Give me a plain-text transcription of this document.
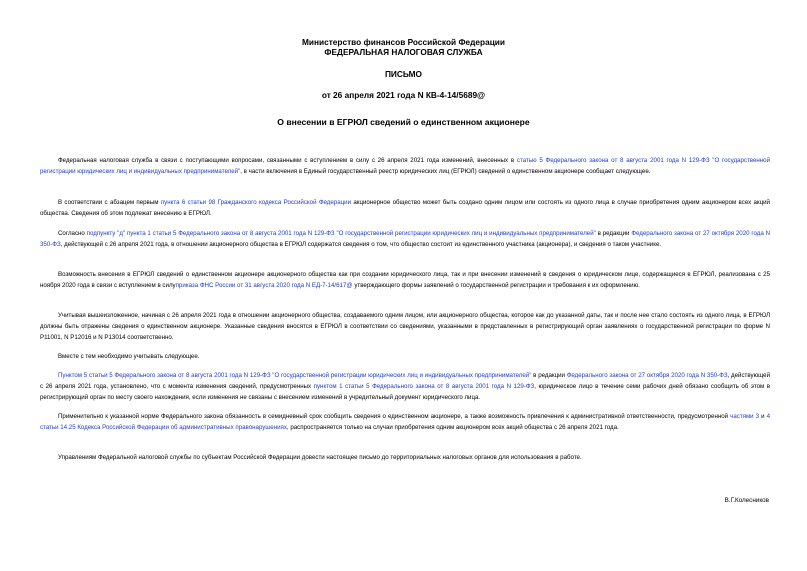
Министерство финансов Российской Федерации
ФЕДЕРАЛЬНАЯ НАЛОГОВАЯ СЛУЖБА
ПИСЬМО
от 26 апреля 2021 года N КВ-4-14/5689@
О внесении в ЕГРЮЛ сведений о единственном акционере

Федеральная налоговая служба в связи с поступающими вопросами, связанными с вступлением в силу с 26 апреля 2021 года изменений, внесенных в статью 5 Федерального закона от 8 августа 2001 года N 129-ФЗ "О государственной регистрации юридических лиц и индивидуальных предпринимателей", в части включения в Единый государственный реестр юридических лиц (ЕГРЮЛ) сведений о единственном акционере сообщает следующее.

В соответствии с абзацем первым пункта 6 статьи 98 Гражданского кодекса Российской Федерации акционерное общество может быть создано одним лицом или состоять из одного лица в случае приобретения одним акционером всех акций общества. Сведения об этом подлежат внесению в ЕГРЮЛ.

Согласно подпункту "д" пункта 1 статьи 5 Федерального закона от 8 августа 2001 года N 129-ФЗ "О государственной регистрации юридических лиц и индивидуальных предпринимателей" в редакции Федерального закона от 27 октября 2020 года N 350-ФЗ, действующей с 26 апреля 2021 года, в отношении акционерного общества в ЕГРЮЛ содержатся сведения о том, что общество состоит из единственного участника (акционера), и сведения о таком участнике.

Возможность внесения в ЕГРЮЛ сведений о единственном акционере акционерного общества как при создании юридического лица, так и при внесении изменений в сведения о юридическом лице, содержащиеся в ЕГРЮЛ, реализована с 25 ноября 2020 года в связи с вступлением в силуприказа ФНС России от 31 августа 2020 года N ЕД-7-14/617@ утверждающего формы заявлений о государственной регистрации и требования к их оформлению.

Учитывая вышеизложенное, начиная с 26 апреля 2021 года в отношении акционерного общества, создаваемого одним лицом, или акционерного общества, которое как до указанной даты, так и после нее стало состоять из одного лица, в ЕГРЮЛ должны быть отражены сведения о единственном акционере. Указанные сведения вносятся в ЕГРЮЛ в соответствии со сведениями, указанными в представленных в регистрирующий орган заявлениях о государственной регистрации по форме N Р11001, N Р12016 и N Р13014 соответственно.

Вместе с тем необходимо учитывать следующее.

Пунктом 5 статьи 5 Федерального закона от 8 августа 2001 года N 129-ФЗ "О государственной регистрации юридических лиц и индивидуальных предпринимателей" в редакции Федерального закона от 27 октября 2020 года N 350-ФЗ, действующей с 26 апреля 2021 года, установлено, что с момента изменения сведений, предусмотренных пунктом 1 статьи 5 Федерального закона от 8 августа 2001 года N 129-ФЗ, юридическое лицо в течение семи рабочих дней обязано сообщить об этом в регистрирующий орган по месту своего нахождения, если изменения не связаны с внесением изменений в учредительный документ юридического лица.

Применительно к указанной норме Федерального закона обязанность в семидневный срок сообщить сведения о единственном акционере, а также возможность привлечения к административной ответственности, предусмотренной частями 3 и 4 статьи 14.25 Кодекса Российской Федерации об административных правонарушениях, распространяется только на случаи приобретения одним акционером всех акций общества с 26 апреля 2021 года.

Управлениям Федеральной налоговой службы по субъектам Российской Федерации довести настоящее письмо до территориальных налоговых органов для использования в работе.

В.Г.Колесников
